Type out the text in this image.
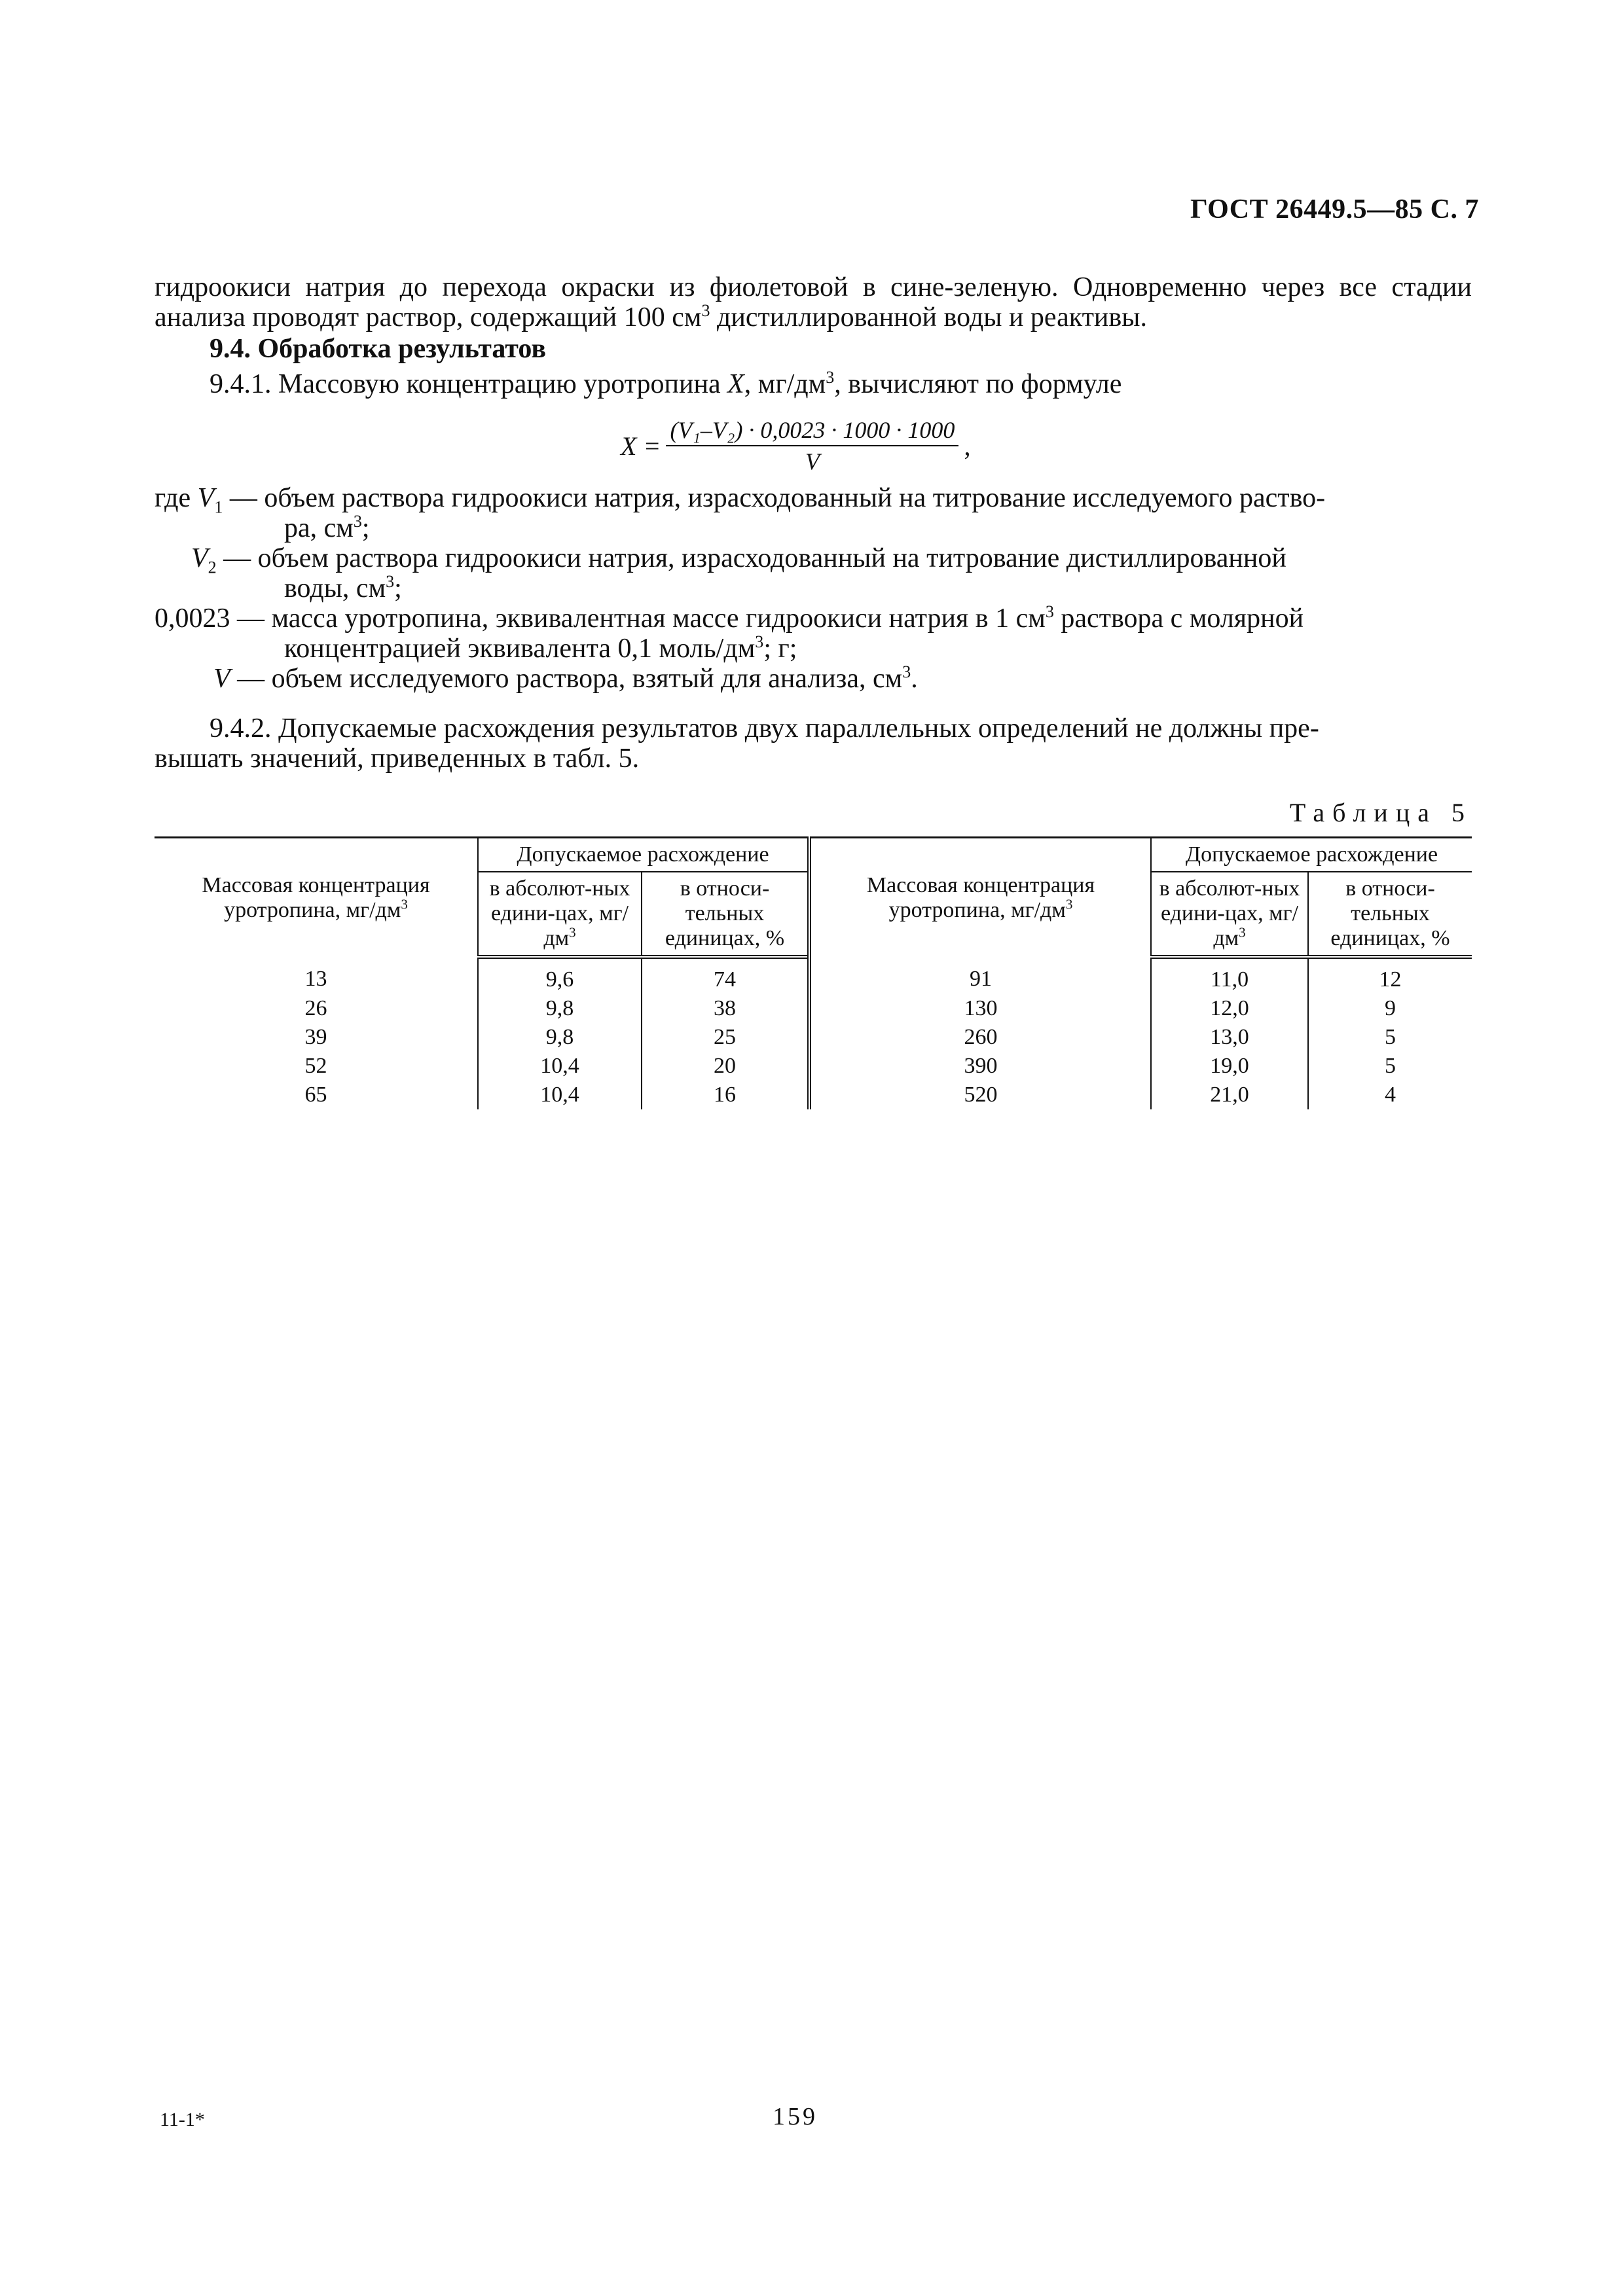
ГОСТ 26449.5—85 С. 7
гидроокиси натрия до перехода окраски из фиолетовой в сине-зеленую. Одновременно через все стадии анализа проводят раствор, содержащий 100 $см^3$ дистиллированной воды и реактивы.
9.4. Обработка результатов
9.4.1. Массовую концентрацию уротропина X, $мг/дм^3$, вычисляют по формуле
$X = \frac{\text{(V₁–V₂) · 0,0023 · 1000 · 1000}}{V}$ ,
где $V_1$ — объем раствора гидроокиси натрия, израсходованный на титрование исследуемого раство-
ра, $см^3$;
$V_2$ — объем раствора гидроокиси натрия, израсходованный на титрование дистиллированной
воды, $см^3$;
0,0023 — масса уротропина, эквивалентная массе гидроокиси натрия в 1 $см^3$ раствора с молярной
концентрацией эквивалента 0,1 моль/$дм^3$; г;
V — объем исследуемого раствора, взятый для анализа, $см^3$.
9.4.2. Допускаемые расхождения результатов двух параллельных определений не должны пре-
вышать значений, приведенных в табл. 5.
Таблица 5
Массовая концентрация уротропина, $мг/дм^3$	Допускаемое расхождение		Массовая концентрация уротропина, $мг/дм^3$	Допускаемое расхождение	
	в абсолют-ных едини-цах, $мг/дм^3$	в относи-тельных единицах, %		в абсолют-ных едини-цах, $мг/дм^3$	в относи-тельных единицах, %
13	9,6	74	91	11,0	12
26	9,8	38	130	12,0	9
39	9,8	25	260	13,0	5
52	10,4	20	390	19,0	5
65	10,4	16	520	21,0	4
11-1*	159
